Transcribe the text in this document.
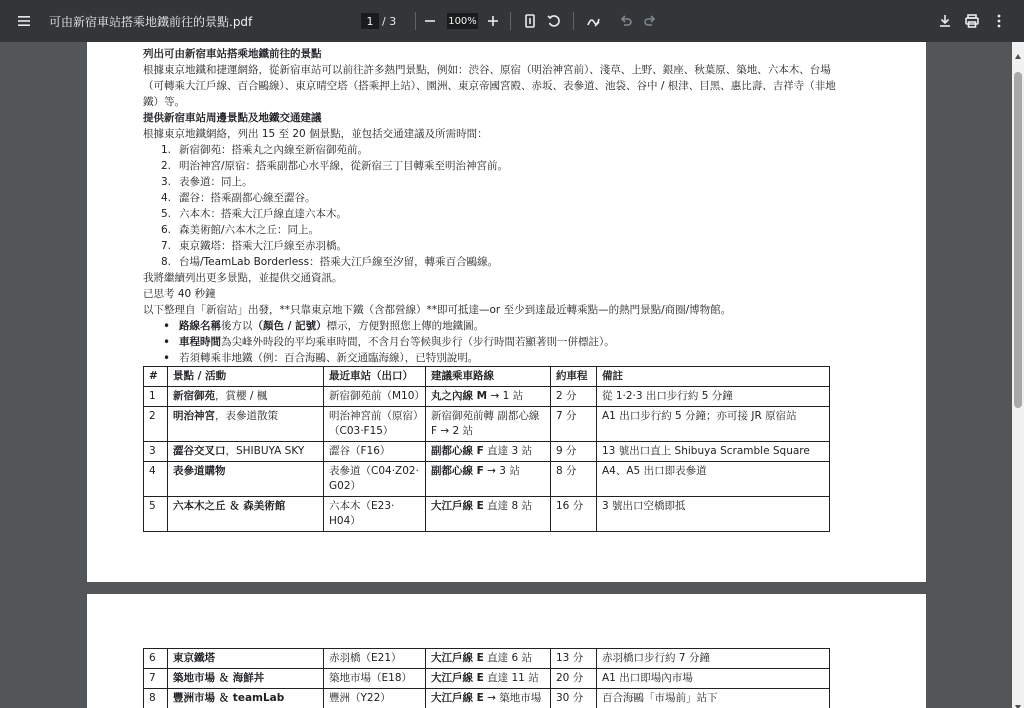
可由新宿車站搭乘地鐵前往的景點.pdf
1	/ 3
100%
列出可由新宿車站搭乘地鐵前往的景點
根據東京地鐵和捷運網絡，從新宿車站可以前往許多熱門景點，例如：渋谷、原宿（明治神宮前）、淺草、上野、銀座、秋葉原、築地、六本木、台場
（可轉乘大江戶線、百合鷗線）、東京晴空塔（搭乘押上站）、園洲、東京帝國宮殿、赤坂、表參道、池袋、谷中 / 根津、目黑、惠比壽、吉祥寺（非地
鐵）等。
提供新宿車站周邊景點及地鐵交通建議
根據東京地鐵網絡，列出 15 至 20 個景點，並包括交通建議及所需時間：
1. 新宿御苑：搭乘丸之內線至新宿御苑前。
2. 明治神宮/原宿：搭乘副都心水平線，從新宿三丁目轉乘至明治神宮前。
3. 表參道：同上。
4. 澀谷：搭乘副都心線至澀谷。
5. 六本木：搭乘大江戶線直達六本木。
6. 森美術館/六本木之丘：同上。
7. 東京鐵塔：搭乘大江戶線至赤羽橋。
8. 台場/TeamLab Borderless：搭乘大江戶線至汐留，轉乘百合鷗線。
我將繼續列出更多景點，並提供交通資訊。
已思考 40 秒鐘
以下整理自「新宿站」出發，**只靠東京地下鐵（含都營線）**即可抵達—or 至少到達最近轉乘點—的熱門景點/商圈/博物館。
• 路線名稱 後方以 （顏色 / 記號） 標示，方便對照您上傳的地鐵圖。
• 車程時間 為尖峰外時段的平均乘車時間，不含月台等候與步行（步行時間若顯著則一併標註）。
• 若須轉乘非地鐵（例：百合海鷗、新交通臨海線），已特別說明。
#	景點 / 活動	最近車站（出口）	建議乘車路線	約車程	備註
1	新宿御苑，賞櫻 / 楓	新宿御苑前（M10）	丸之內線 M → 1 站	2 分	從 1‧2‧3 出口步行約 5 分鐘
2	明治神宮，表參道散策	明治神宮前（原宿）（C03‧F15）	新宿御苑前轉 副都心線 F → 2 站	7 分	A1 出口步行約 5 分鐘；亦可接 JR 原宿站
3	澀谷交叉口，SHIBUYA SKY	澀谷（F16）	副都心線 F 直達 3 站	9 分	13 號出口直上 Shibuya Scramble Square
4	表參道購物	表參道（C04‧Z02‧G02）	副都心線 F → 3 站	8 分	A4、A5 出口即表參道
5	六本木之丘 ＆ 森美術館	六本木（E23‧H04）	大江戶線 E 直達 8 站	16 分	3 號出口空橋即抵
6	東京鐵塔	赤羽橋（E21）	大江戶線 E 直達 6 站	13 分	赤羽橋口步行約 7 分鐘
7	築地市場 ＆ 海鮮丼	築地市場（E18）	大江戶線 E 直達 11 站	20 分	A1 出口即場內市場
8	豐洲市場 ＆ teamLab	豐洲（Y22）	大江戶線 E → 築地市場	30 分	百合海鷗「市場前」站下
